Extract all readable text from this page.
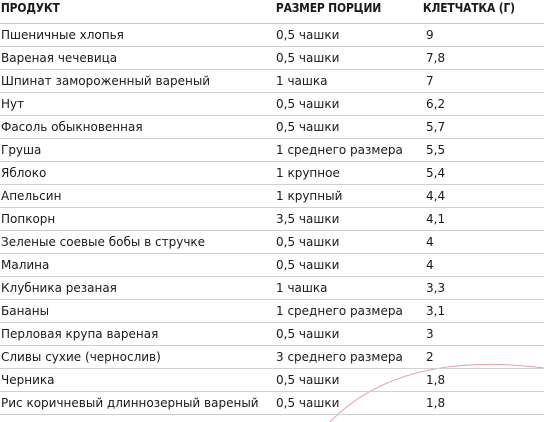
ПРОДУКТ	РАЗМЕР ПОРЦИИ	КЛЕТЧАТКА (Г)
Пшеничные хлопья	0,5 чашки	9
Вареная чечевица	0,5 чашки	7,8
Шпинат замороженный вареный	1 чашка	7
Нут	0,5 чашки	6,2
Фасоль обыкновенная	0,5 чашки	5,7
Груша	1 среднего размера	5,5
Яблоко	1 крупное	5,4
Апельсин	1 крупный	4,4
Попкорн	3,5 чашки	4,1
Зеленые соевые бобы в стручке	0,5 чашки	4
Малина	0,5 чашки	4
Клубника резаная	1 чашка	3,3
Бананы	1 среднего размера	3,1
Перловая крупа вареная	0,5 чашки	3
Сливы сухие (чернослив)	3 среднего размера	2
Черника	0,5 чашки	1,8
Рис коричневый длиннозерный вареный	0,5 чашки	1,8
